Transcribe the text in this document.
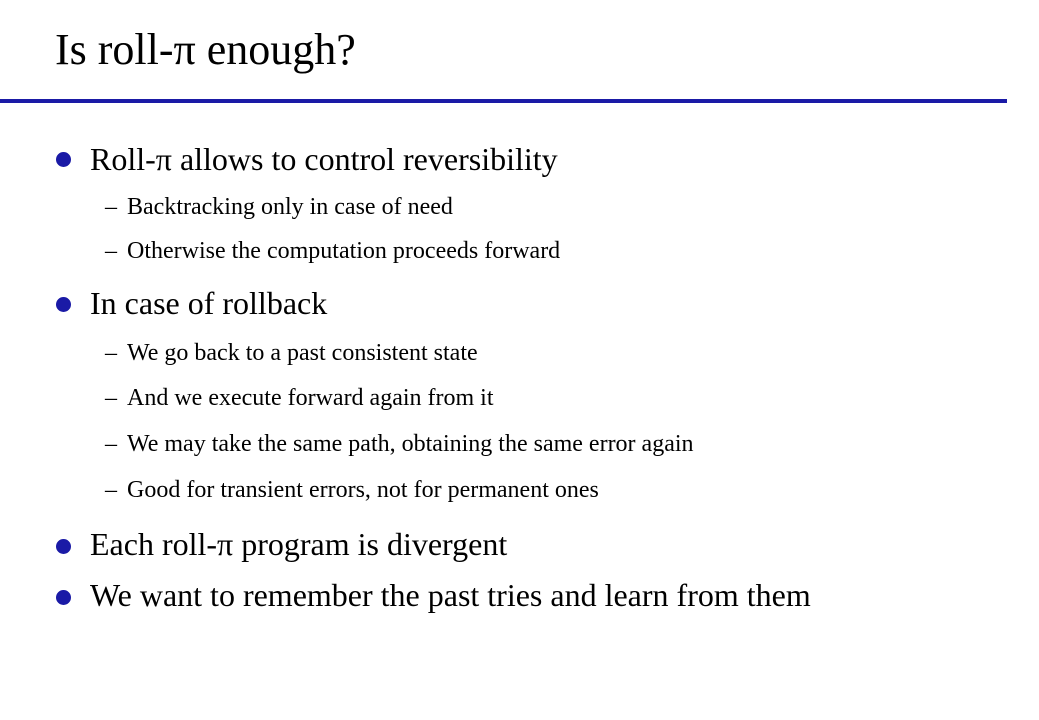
Is roll-π enough?
Roll-π allows to control reversibility
– Backtracking only in case of need
– Otherwise the computation proceeds forward
In case of rollback
– We go back to a past consistent state
– And we execute forward again from it
– We may take the same path, obtaining the same error again
– Good for transient errors, not for permanent ones
Each roll-π program is divergent
We want to remember the past tries and learn from them
